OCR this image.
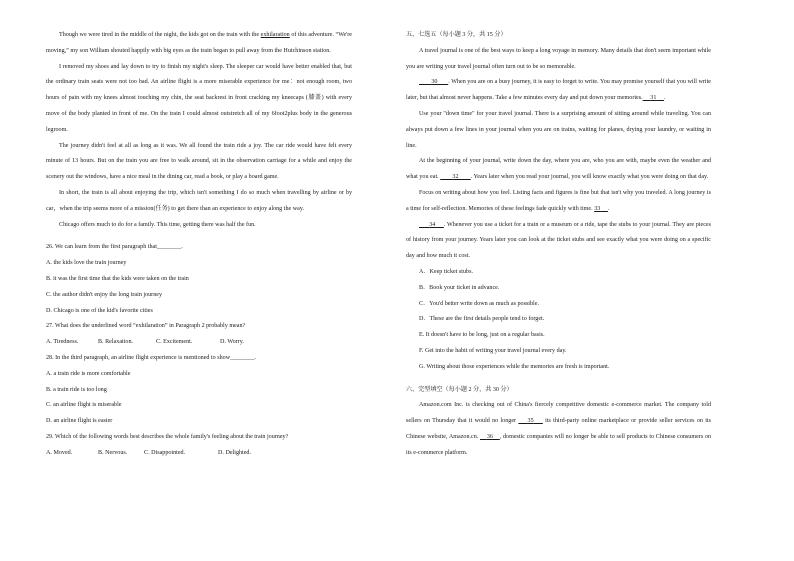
Though we were tired in the middle of the night, the kids got on the train with the exhilaration of this adventure. “We're moving,” my son William shouted happily with big eyes as the train began to pull away from the Hutchinson station.

I removed my shoes and lay down to try to finish my night's sleep. The sleeper car would have better enabled that, but the ordinary train seats were not too bad. An airline flight is a more miserable experience for me：not enough room, two hours of pain with my knees almost touching my chin, the seat backrest in front cracking my kneecaps (膝盖) with every move of the body planted in front of me. On the train I could almost outstretch all of my 6foot2plus body in the generous legroom.

The journey didn't feel at all as long as it was. We all found the train ride a joy. The car ride would have felt every minute of 13 hours. But on the train you are free to walk around, sit in the observation carriage for a while and enjoy the scenery out the windows, have a nice meal in the dining car, read a book, or play a board game.

In short, the train is all about enjoying the trip, which isn't something I do so much when travelling by airline or by car，when the trip seems more of a mission(任务) to get there than an experience to enjoy along the way.

Chicago offers much to do for a family. This time, getting there was half the fun.

26. We can learn from the first paragraph that________.

A. the kids love the train journey

B. it was the first time that the kids were taken on the train

C. the author didn't enjoy the long train journey

D. Chicago is one of the kid's favorite cities

27. What does the underlined word “exhilaration” in Paragraph 2 probably mean?

A. Tiredness.	B. Relaxation.	C. Excitement.	D. Worry.

28. In the third paragraph, an airline flight experience is mentioned to show________.

A. a train ride is more comfortable

B. a train ride is too long

C. an airline flight is miserable

D. an airline flight is easier

29. Which of the following words best describes the whole family's feeling about the train journey?

A. Moved.	B. Nervous.	C. Disappointed.	D. Delighted.

五、七选五（每小题 3 分，共 15 分）

A travel journal is one of the best ways to keep a long voyage in memory. Many details that don't seem important while you are writing your travel journal often turn out to be so memorable.

30 . When you are on a busy journey, it is easy to forget to write. You may promise yourself that you will write later, but that almost never happens. Take a few minutes every day and put down your memories. 31 .

Use your "down time" for your travel journal. There is a surprising amount of sitting around while traveling. You can always put down a few lines in your journal when you are on trains, waiting for planes, drying your laundry, or waiting in line.

At the beginning of your journal, write down the day, where you are, who you are with, maybe even the weather and what you eat. 32 . Years later when you read your journal, you will know exactly what you were doing on that day.

Focus on writing about how you feel. Listing facts and figures is fine but that isn't why you traveled. A long journey is a time for self-reflection. Memories of these feelings fade quickly with time. 33 .

34 . Whenever you use a ticket for a train or a museum or a ride, tape the stubs to your journal. They are pieces of history from your journey. Years later you can look at the ticket stubs and see exactly what you were doing on a specific day and how much it cost.

A．Keep ticket stubs.

B．Book your ticket in advance.

C．You'd better write down as much as possible.

D．These are the first details people tend to forget.

E. It doesn't have to be long, just on a regular basis.

F. Get into the habit of writing your travel journal every day.

G. Writing about those experiences while the memories are fresh is important.

六、完型填空（每小题 2 分，共 30 分）

Amazon.com Inc. is checking out of China's fiercely competitive domestic e-commerce market. The company told sellers on Thursday that it would no longer 35 its third-party online marketplace or provide seller services on its Chinese website, Amazon.cn. 36 , domestic companies will no longer be able to sell products to Chinese consumers on its e-commerce platform.
